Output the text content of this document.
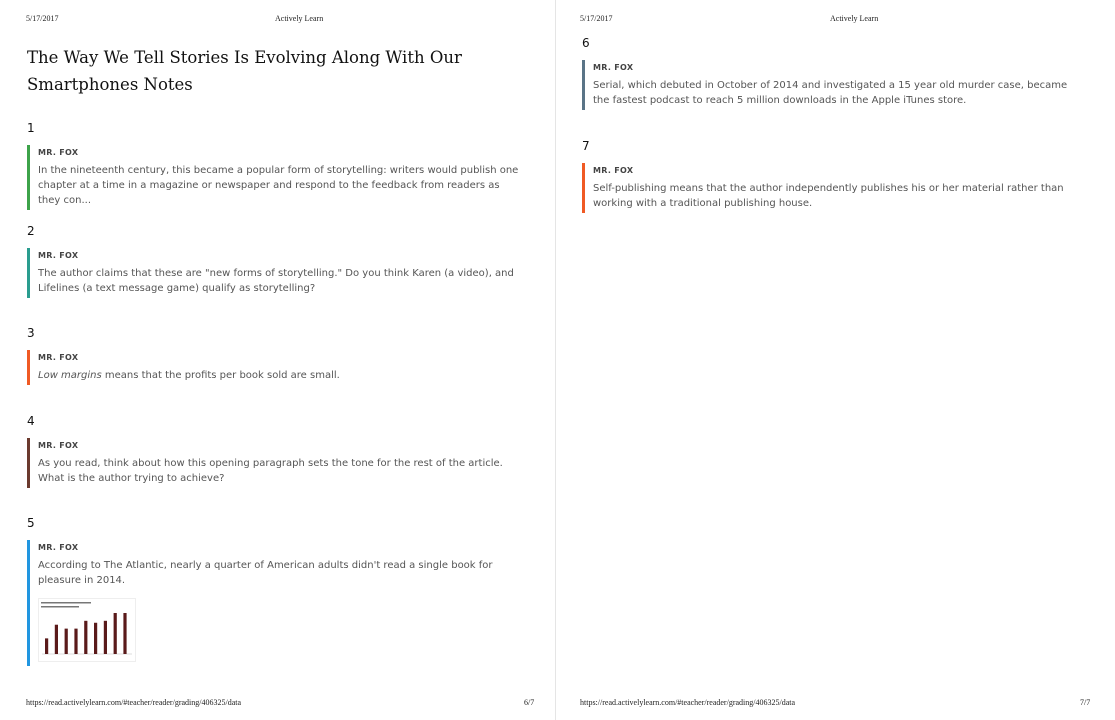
5/17/2017	Actively Learn
The Way We Tell Stories Is Evolving Along With Our Smartphones Notes
1
MR. FOX
In the nineteenth century, this became a popular form of storytelling: writers would publish one chapter at a time in a magazine or newspaper and respond to the feedback from readers as they con...
2
MR. FOX
The author claims that these are "new forms of storytelling." Do you think Karen (a video), and Lifelines (a text message game) qualify as storytelling?
3
MR. FOX
Low margins means that the profits per book sold are small.
4
MR. FOX
As you read, think about how this opening paragraph sets the tone for the rest of the article. What is the author trying to achieve?
5
MR. FOX
According to The Atlantic, nearly a quarter of American adults didn't read a single book for pleasure in 2014.
https://read.activelylearn.com/#teacher/reader/grading/406325/data	6/7
5/17/2017	Actively Learn
6
MR. FOX
Serial, which debuted in October of 2014 and investigated a 15 year old murder case, became the fastest podcast to reach 5 million downloads in the Apple iTunes store.
7
MR. FOX
Self-publishing means that the author independently publishes his or her material rather than working with a traditional publishing house.
https://read.activelylearn.com/#teacher/reader/grading/406325/data	7/7
